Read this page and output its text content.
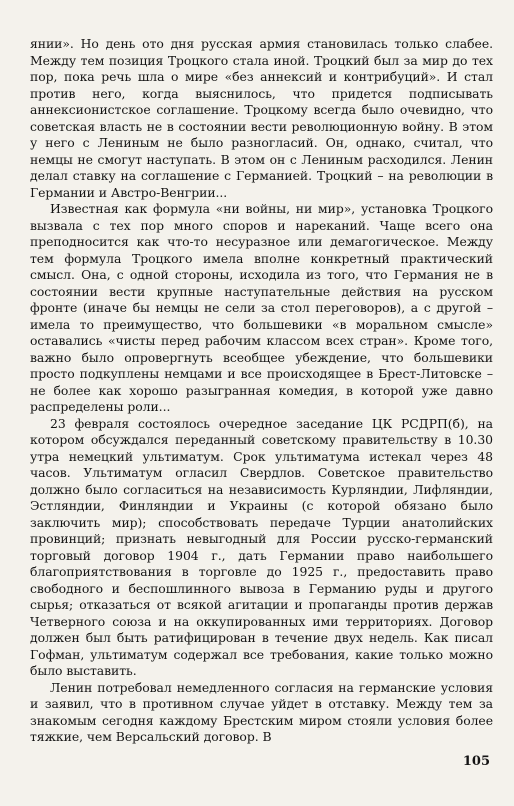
янии». Но день ото дня русская армия становилась только слабее. Между тем позиция Троцкого стала иной. Троцкий был за мир до тех пор, пока речь шла о мире «без аннексий и контрибуций». И стал против него, когда выяснилось, что придется подписывать аннексионистское соглашение. Троцкому всегда было очевидно, что советская власть не в состоянии вести революционную войну. В этом у него с Лениным не было разногласий. Он, однако, считал, что немцы не смогут наступать. В этом он с Лениным расходился. Ленин делал ставку на соглашение с Германией. Троцкий – на революции в Германии и Австро-Венгрии...

Известная как формула «ни войны, ни мир», установка Троцкого вызвала с тех пор много споров и нареканий. Чаще всего она преподносится как что-то несуразное или демагогическое. Между тем формула Троцкого имела вполне конкретный практический смысл. Она, с одной стороны, исходила из того, что Германия не в состоянии вести крупные наступательные действия на русском фронте (иначе бы немцы не сели за стол переговоров), а с другой – имела то преимущество, что большевики «в моральном смысле» оставались «чисты перед рабочим классом всех стран». Кроме того, важно было опровергнуть всеобщее убеждение, что большевики просто подкуплены немцами и все происходящее в Брест-Литовске – не более как хорошо разыгранная комедия, в которой уже давно распределены роли...

23 февраля состоялось очередное заседание ЦК РСДРП(б), на котором обсуждался переданный советскому правительству в 10.30 утра немецкий ультиматум. Срок ультиматума истекал через 48 часов. Ультиматум огласил Свердлов. Советское правительство должно было согласиться на независимость Курляндии, Лифляндии, Эстляндии, Финляндии и Украины (с которой обязано было заключить мир); способствовать передаче Турции анатолийских провинций; признать невыгодный для России русско-германский торговый договор 1904 г., дать Германии право наибольшего благоприятствования в торговле до 1925 г., предоставить право свободного и беспошлинного вывоза в Германию руды и другого сырья; отказаться от всякой агитации и пропаганды против держав Четверного союза и на оккупированных ими территориях. Договор должен был быть ратифицирован в течение двух недель. Как писал Гофман, ультиматум содержал все требования, какие только можно было выставить.

Ленин потребовал немедленного согласия на германские условия и заявил, что в противном случае уйдет в отставку. Между тем за знакомым сегодня каждому Брестским миром стояли условия более тяжкие, чем Версальский договор. В

105
